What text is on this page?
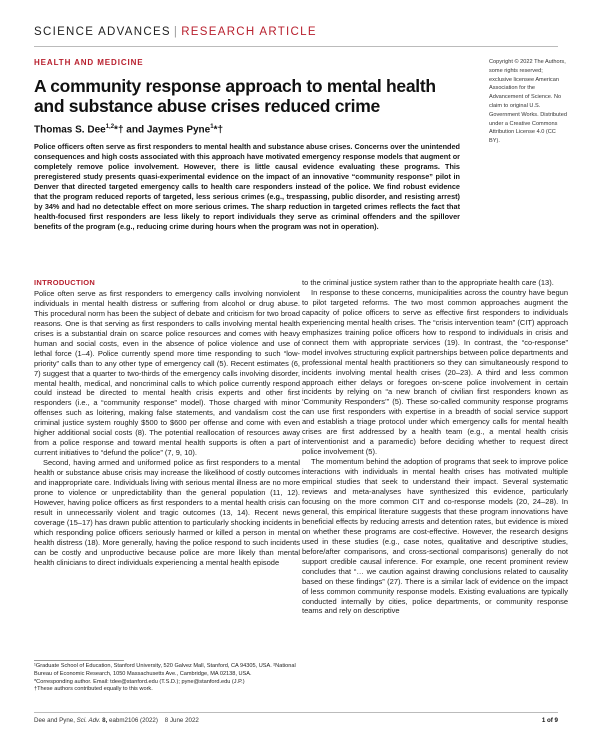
SCIENCE ADVANCES | RESEARCH ARTICLE
HEALTH AND MEDICINE
A community response approach to mental health and substance abuse crises reduced crime
Thomas S. Dee$^{1,2}$*† and Jaymes Pyne$^1$*†
Copyright © 2022 The Authors, some rights reserved; exclusive licensee American Association for the Advancement of Science. No claim to original U.S. Government Works. Distributed under a Creative Commons Attribution License 4.0 (CC BY).

Police officers often serve as first responders to mental health and substance abuse crises. Concerns over the unintended consequences and high costs associated with this approach have motivated emergency response models that augment or completely remove police involvement. However, there is little causal evidence evaluating these programs. This preregistered study presents quasi-experimental evidence on the impact of an innovative “community response” pilot in Denver that directed targeted emergency calls to health care responders instead of the police. We find robust evidence that the program reduced reports of targeted, less serious crimes (e.g., trespassing, public disorder, and resisting arrest) by 34% and had no detectable effect on more serious crimes. The sharp reduction in targeted crimes reflects the fact that health-focused first responders are less likely to report individuals they serve as criminal offenders and the spillover benefits of the program (e.g., reducing crime during hours when the program was not in operation).

INTRODUCTION

Police often serve as first responders to emergency calls involving nonviolent individuals in mental health distress or suffering from alcohol or drug abuse. This procedural norm has been the subject of debate and criticism for two broad reasons. One is that serving as first responders to calls involving mental health crises is a substantial drain on scarce police resources and comes with heavy human and social costs, even in the absence of police violence and use of lethal force (1–4). Police currently spend more time responding to such “low-priority” calls than to any other type of emergency call (5). Recent estimates (6, 7) suggest that a quarter to two-thirds of the emergency calls involving disorder, mental health, medical, and noncriminal calls to which police currently respond could instead be directed to mental health crisis experts and other first responders (i.e., a “community response” model). Those charged with minor offenses such as loitering, making false statements, and vandalism cost the criminal justice system roughly $500 to $600 per offense and come with even higher additional social costs (8). The potential reallocation of resources away from a police response and toward mental health supports is often a part of current initiatives to “defund the police” (7, 9, 10).

Second, having armed and uniformed police as first responders to a mental health or substance abuse crisis may increase the likelihood of costly outcomes and inappropriate care. Individuals living with serious mental illness are no more prone to violence or unpredictability than the general population (11, 12). However, having police officers as first responders to a mental health crisis can result in unnecessarily violent and tragic outcomes (13, 14). Recent news coverage (15–17) has drawn public attention to particularly shocking incidents in which responding police officers seriously harmed or killed a person in mental health distress (18). More generally, having the police respond to such incidents can be costly and unproductive because police are more likely than mental health clinicians to direct individuals experiencing a mental health episode

to the criminal justice system rather than to the appropriate health care (13).

In response to these concerns, municipalities across the country have begun to pilot targeted reforms. The two most common approaches augment the capacity of police officers to serve as effective first responders to individuals experiencing mental health crises. The “crisis intervention team” (CIT) approach emphasizes training police officers how to respond to individuals in crisis and connect them with appropriate services (19). In contrast, the “co-response” model involves structuring explicit partnerships between police departments and professional mental health practitioners so they can simultaneously respond to incidents involving mental health crises (20–23). A third and less common approach either delays or foregoes on-scene police involvement in certain incidents by relying on “a new branch of civilian first responders known as ‘Community Responders’” (5). These so-called community response programs can use first responders with expertise in a breadth of social service support and establish a triage protocol under which emergency calls for mental health crises are first addressed by a health team (e.g., a mental health crisis interventionist and a paramedic) before deciding whether to request direct police involvement (5).

The momentum behind the adoption of programs that seek to improve police interactions with individuals in mental health crises has motivated multiple empirical studies that seek to understand their impact. Several systematic reviews and meta-analyses have synthesized this evidence, particularly focusing on the more common CIT and co-response models (20, 24–28). In general, this empirical literature suggests that these program innovations have beneficial effects by reducing arrests and detention rates, but evidence is mixed on whether these programs are cost-effective. However, the research designs used in these studies (e.g., case notes, qualitative and descriptive studies, before/after comparisons, and cross-sectional comparisons) generally do not support credible causal inference. For example, one recent prominent review concludes that “… we caution against drawing conclusions related to causality based on these findings” (27). There is a similar lack of evidence on the impact of less common community response models. Existing evaluations are typically conducted internally by cities, police departments, or community response teams and rely on descriptive

¹Graduate School of Education, Stanford University, 520 Galvez Mall, Stanford, CA 94305, USA. ²National Bureau of Economic Research, 1050 Massachusetts Ave., Cambridge, MA 02138, USA.
*Corresponding author. Email: tdee@stanford.edu (T.S.D.); pyne@stanford.edu (J.P.)
†These authors contributed equally to this work.
Dee and Pyne, Sci. Adv. 8, eabm2106 (2022) 8 June 2022	1 of 9
